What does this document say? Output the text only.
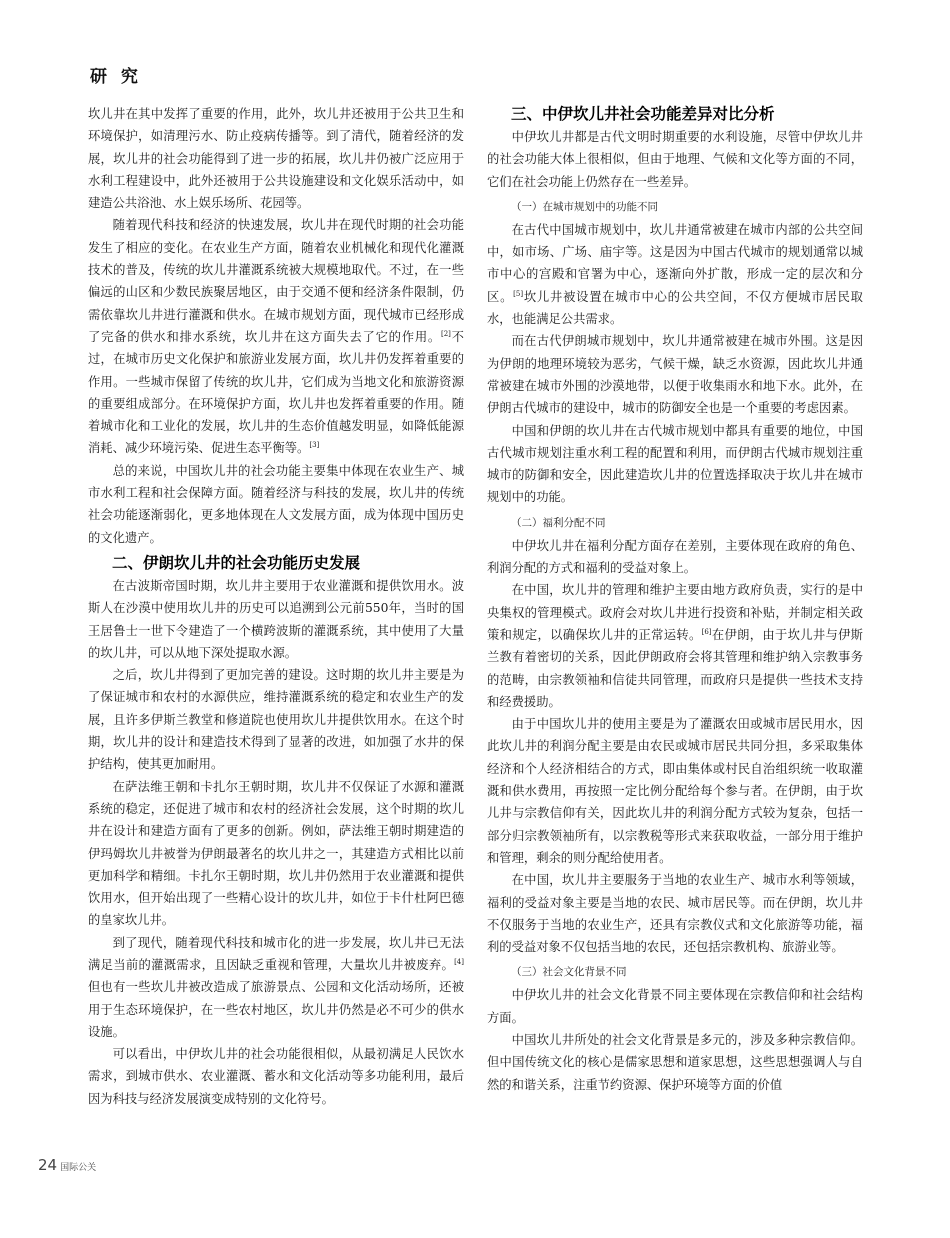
研 究

坎儿井在其中发挥了重要的作用，此外，坎儿井还被用于公共卫生和环境保护，如清理污水、防止疫病传播等。到了清代，随着经济的发展，坎儿井的社会功能得到了进一步的拓展，坎儿井仍被广泛应用于水利工程建设中，此外还被用于公共设施建设和文化娱乐活动中，如建造公共浴池、水上娱乐场所、花园等。

随着现代科技和经济的快速发展，坎儿井在现代时期的社会功能发生了相应的变化。在农业生产方面，随着农业机械化和现代化灌溉技术的普及，传统的坎儿井灌溉系统被大规模地取代。不过，在一些偏远的山区和少数民族聚居地区，由于交通不便和经济条件限制，仍需依靠坎儿井进行灌溉和供水。在城市规划方面，现代城市已经形成了完备的供水和排水系统，坎儿井在这方面失去了它的作用。[2]不过，在城市历史文化保护和旅游业发展方面，坎儿井仍发挥着重要的作用。一些城市保留了传统的坎儿井，它们成为当地文化和旅游资源的重要组成部分。在环境保护方面，坎儿井也发挥着重要的作用。随着城市化和工业化的发展，坎儿井的生态价值越发明显，如降低能源消耗、减少环境污染、促进生态平衡等。[3]

总的来说，中国坎儿井的社会功能主要集中体现在农业生产、城市水利工程和社会保障方面。随着经济与科技的发展，坎儿井的传统社会功能逐渐弱化，更多地体现在人文发展方面，成为体现中国历史的文化遗产。

二、伊朗坎儿井的社会功能历史发展

在古波斯帝国时期，坎儿井主要用于农业灌溉和提供饮用水。波斯人在沙漠中使用坎儿井的历史可以追溯到公元前550年，当时的国王居鲁士一世下令建造了一个横跨波斯的灌溉系统，其中使用了大量的坎儿井，可以从地下深处提取水源。

之后，坎儿井得到了更加完善的建设。这时期的坎儿井主要是为了保证城市和农村的水源供应，维持灌溉系统的稳定和农业生产的发展，且许多伊斯兰教堂和修道院也使用坎儿井提供饮用水。在这个时期，坎儿井的设计和建造技术得到了显著的改进，如加强了水井的保护结构，使其更加耐用。

在萨法维王朝和卡扎尔王朝时期，坎儿井不仅保证了水源和灌溉系统的稳定，还促进了城市和农村的经济社会发展，这个时期的坎儿井在设计和建造方面有了更多的创新。例如，萨法维王朝时期建造的伊玛姆坎儿井被誉为伊朗最著名的坎儿井之一，其建造方式相比以前更加科学和精细。卡扎尔王朝时期，坎儿井仍然用于农业灌溉和提供饮用水，但开始出现了一些精心设计的坎儿井，如位于卡什杜阿巴德的皇家坎儿井。

到了现代，随着现代科技和城市化的进一步发展，坎儿井已无法满足当前的灌溉需求，且因缺乏重视和管理，大量坎儿井被废弃。[4]但也有一些坎儿井被改造成了旅游景点、公园和文化活动场所，还被用于生态环境保护，在一些农村地区，坎儿井仍然是必不可少的供水设施。

可以看出，中伊坎儿井的社会功能很相似，从最初满足人民饮水需求，到城市供水、农业灌溉、蓄水和文化活动等多功能利用，最后因为科技与经济发展演变成特别的文化符号。

三、中伊坎儿井社会功能差异对比分析

中伊坎儿井都是古代文明时期重要的水利设施，尽管中伊坎儿井的社会功能大体上很相似，但由于地理、气候和文化等方面的不同，它们在社会功能上仍然存在一些差异。

（一）在城市规划中的功能不同

在古代中国城市规划中，坎儿井通常被建在城市内部的公共空间中，如市场、广场、庙宇等。这是因为中国古代城市的规划通常以城市中心的宫殿和官署为中心，逐渐向外扩散，形成一定的层次和分区。[5]坎儿井被设置在城市中心的公共空间，不仅方便城市居民取水，也能满足公共需求。

而在古代伊朗城市规划中，坎儿井通常被建在城市外围。这是因为伊朗的地理环境较为恶劣，气候干燥，缺乏水资源，因此坎儿井通常被建在城市外围的沙漠地带，以便于收集雨水和地下水。此外，在伊朗古代城市的建设中，城市的防御安全也是一个重要的考虑因素。

中国和伊朗的坎儿井在古代城市规划中都具有重要的地位，中国古代城市规划注重水利工程的配置和利用，而伊朗古代城市规划注重城市的防御和安全，因此建造坎儿井的位置选择取决于坎儿井在城市规划中的功能。

（二）福利分配不同

中伊坎儿井在福利分配方面存在差别，主要体现在政府的角色、利润分配的方式和福利的受益对象上。

在中国，坎儿井的管理和维护主要由地方政府负责，实行的是中央集权的管理模式。政府会对坎儿井进行投资和补贴，并制定相关政策和规定，以确保坎儿井的正常运转。[6]在伊朗，由于坎儿井与伊斯兰教有着密切的关系，因此伊朗政府会将其管理和维护纳入宗教事务的范畴，由宗教领袖和信徒共同管理，而政府只是提供一些技术支持和经费援助。

由于中国坎儿井的使用主要是为了灌溉农田或城市居民用水，因此坎儿井的利润分配主要是由农民或城市居民共同分担，多采取集体经济和个人经济相结合的方式，即由集体或村民自治组织统一收取灌溉和供水费用，再按照一定比例分配给每个参与者。在伊朗，由于坎儿井与宗教信仰有关，因此坎儿井的利润分配方式较为复杂，包括一部分归宗教领袖所有，以宗教税等形式来获取收益，一部分用于维护和管理，剩余的则分配给使用者。

在中国，坎儿井主要服务于当地的农业生产、城市水利等领域，福利的受益对象主要是当地的农民、城市居民等。而在伊朗，坎儿井不仅服务于当地的农业生产，还具有宗教仪式和文化旅游等功能，福利的受益对象不仅包括当地的农民，还包括宗教机构、旅游业等。

（三）社会文化背景不同

中伊坎儿井的社会文化背景不同主要体现在宗教信仰和社会结构方面。

中国坎儿井所处的社会文化背景是多元的，涉及多种宗教信仰。但中国传统文化的核心是儒家思想和道家思想，这些思想强调人与自然的和谐关系，注重节约资源、保护环境等方面的价值

24 国际公关
